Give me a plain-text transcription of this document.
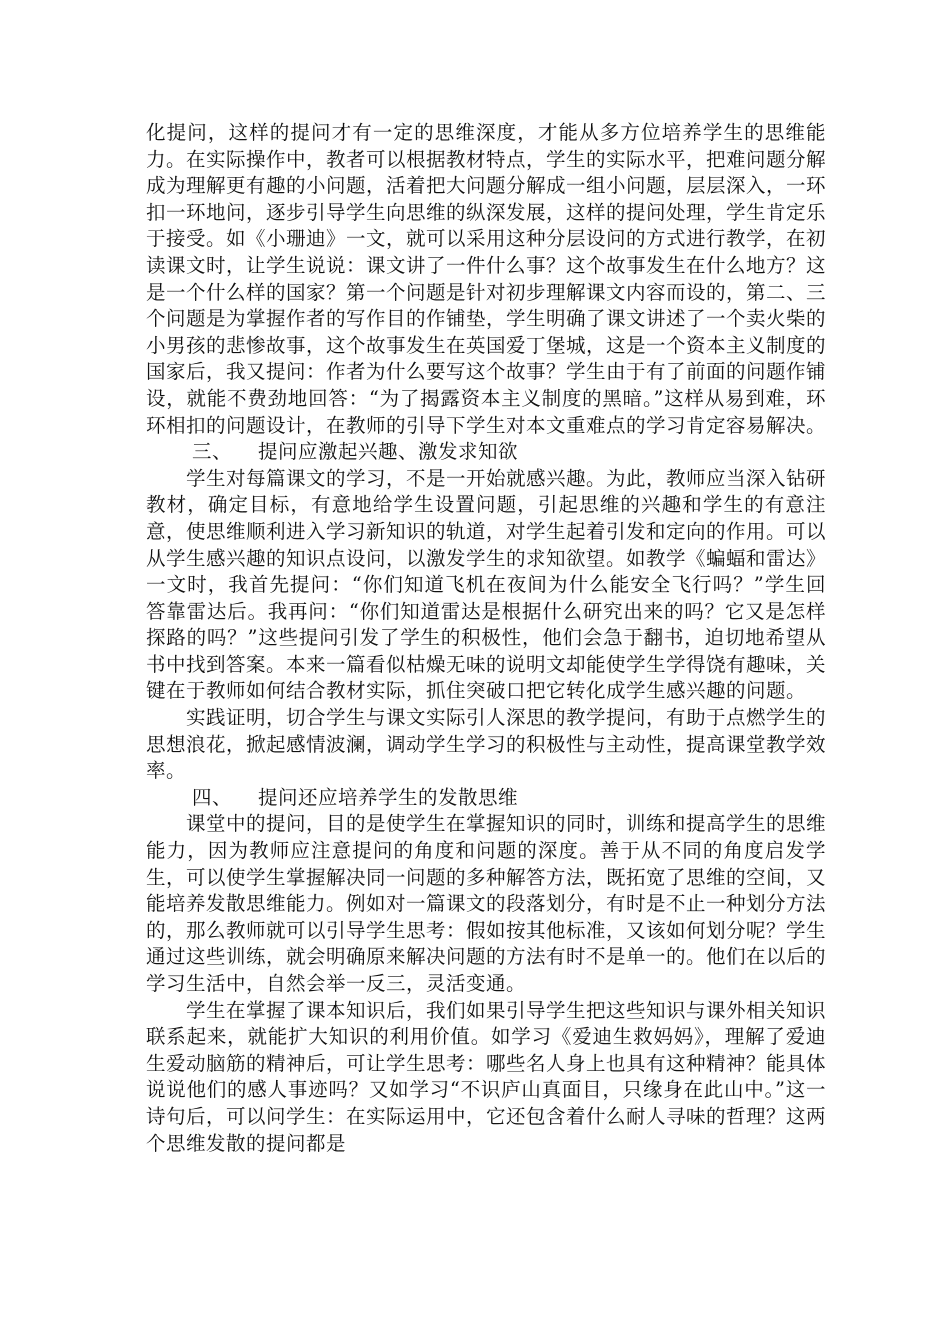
化提问，这样的提问才有一定的思维深度，才能从多方位培养学生的思维能力。在实际操作中，教者可以根据教材特点，学生的实际水平，把难问题分解成为理解更有趣的小问题，活着把大问题分解成一组小问题，层层深入，一环扣一环地问，逐步引导学生向思维的纵深发展，这样的提问处理，学生肯定乐于接受。如《小珊迪》一文，就可以采用这种分层设问的方式进行教学，在初读课文时，让学生说说：课文讲了一件什么事？这个故事发生在什么地方？这是一个什么样的国家？第一个问题是针对初步理解课文内容而设的，第二、三个问题是为掌握作者的写作目的作铺垫，学生明确了课文讲述了一个卖火柴的小男孩的悲惨故事，这个故事发生在英国爱丁堡城，这是一个资本主义制度的国家后，我又提问：作者为什么要写这个故事？学生由于有了前面的问题作铺设，就能不费劲地回答：“为了揭露资本主义制度的黑暗。”这样从易到难，环环相扣的问题设计，在教师的引导下学生对本文重难点的学习肯定容易解决。

三、 提问应激起兴趣、激发求知欲

学生对每篇课文的学习，不是一开始就感兴趣。为此，教师应当深入钻研教材，确定目标，有意地给学生设置问题，引起思维的兴趣和学生的有意注意，使思维顺利进入学习新知识的轨道，对学生起着引发和定向的作用。可以从学生感兴趣的知识点设问，以激发学生的求知欲望。如教学《蝙蝠和雷达》一文时，我首先提问：“你们知道飞机在夜间为什么能安全飞行吗？”学生回答靠雷达后。我再问：“你们知道雷达是根据什么研究出来的吗？它又是怎样探路的吗？”这些提问引发了学生的积极性，他们会急于翻书，迫切地希望从书中找到答案。本来一篇看似枯燥无味的说明文却能使学生学得饶有趣味，关键在于教师如何结合教材实际，抓住突破口把它转化成学生感兴趣的问题。

实践证明，切合学生与课文实际引人深思的教学提问，有助于点燃学生的思想浪花，掀起感情波澜，调动学生学习的积极性与主动性，提高课堂教学效率。

四、 提问还应培养学生的发散思维

课堂中的提问，目的是使学生在掌握知识的同时，训练和提高学生的思维能力，因为教师应注意提问的角度和问题的深度。善于从不同的角度启发学生，可以使学生掌握解决同一问题的多种解答方法，既拓宽了思维的空间，又能培养发散思维能力。例如对一篇课文的段落划分，有时是不止一种划分方法的，那么教师就可以引导学生思考：假如按其他标准，又该如何划分呢？学生通过这些训练，就会明确原来解决问题的方法有时不是单一的。他们在以后的学习生活中，自然会举一反三，灵活变通。

学生在掌握了课本知识后，我们如果引导学生把这些知识与课外相关知识联系起来，就能扩大知识的利用价值。如学习《爱迪生救妈妈》，理解了爱迪生爱动脑筋的精神后，可让学生思考：哪些名人身上也具有这种精神？能具体说说他们的感人事迹吗？又如学习“不识庐山真面目，只缘身在此山中。”这一诗句后，可以问学生：在实际运用中，它还包含着什么耐人寻味的哲理？这两个思维发散的提问都是
